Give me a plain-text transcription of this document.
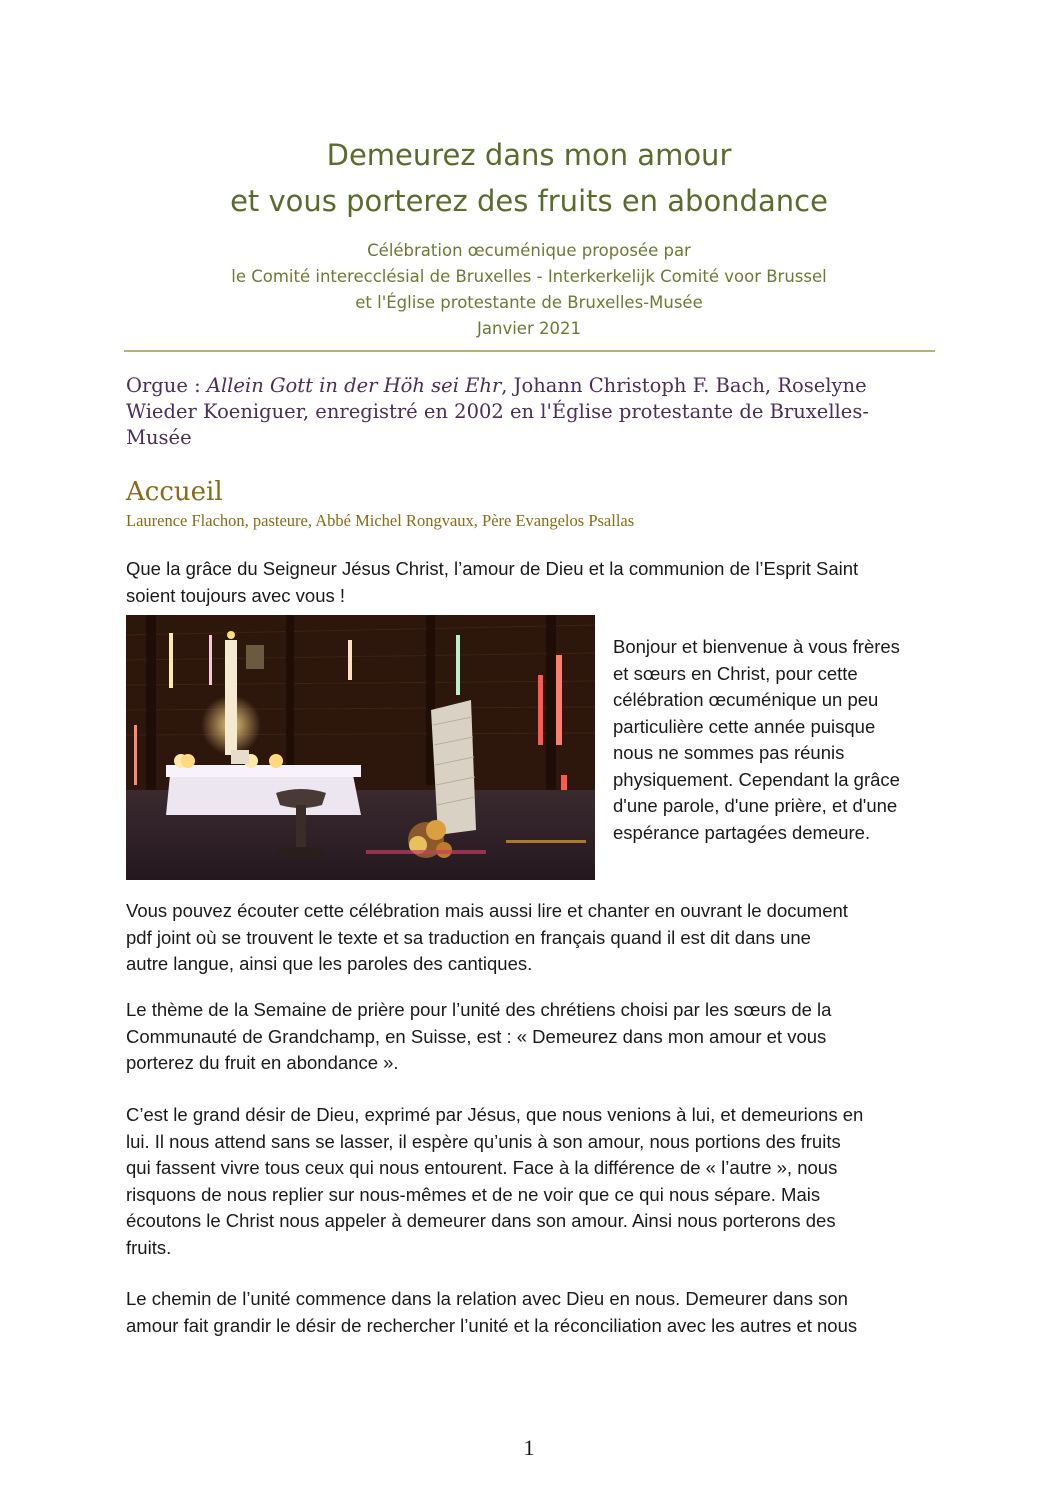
Demeurez dans mon amour
et vous porterez des fruits en abondance
Célébration œcuménique proposée par
le Comité interecclésial de Bruxelles - Interkerkelijk Comité voor Brussel
et l'Église protestante de Bruxelles-Musée
Janvier 2021
Orgue : Allein Gott in der Höh sei Ehr, Johann Christoph F. Bach, Roselyne
Wieder Koeniguer, enregistré en 2002 en l'Église protestante de Bruxelles-
Musée
Accueil
Laurence Flachon, pasteure, Abbé Michel Rongvaux, Père Evangelos Psallas
Que la grâce du Seigneur Jésus Christ, l’amour de Dieu et la communion de l’Esprit Saint
soient toujours avec vous !
Bonjour et bienvenue à vous frères
et sœurs en Christ, pour cette
célébration œcuménique un peu
particulière cette année puisque
nous ne sommes pas réunis
physiquement. Cependant la grâce
d'une parole, d'une prière, et d'une
espérance partagées demeure.
Vous pouvez écouter cette célébration mais aussi lire et chanter en ouvrant le document
pdf joint où se trouvent le texte et sa traduction en français quand il est dit dans une
autre langue, ainsi que les paroles des cantiques.
Le thème de la Semaine de prière pour l’unité des chrétiens choisi par les sœurs de la
Communauté de Grandchamp, en Suisse, est : « Demeurez dans mon amour et vous
porterez du fruit en abondance ».
C’est le grand désir de Dieu, exprimé par Jésus, que nous venions à lui, et demeurions en
lui. Il nous attend sans se lasser, il espère qu’unis à son amour, nous portions des fruits
qui fassent vivre tous ceux qui nous entourent. Face à la différence de « l’autre », nous
risquons de nous replier sur nous-mêmes et de ne voir que ce qui nous sépare. Mais
écoutons le Christ nous appeler à demeurer dans son amour. Ainsi nous porterons des
fruits.
Le chemin de l’unité commence dans la relation avec Dieu en nous. Demeurer dans son
amour fait grandir le désir de rechercher l’unité et la réconciliation avec les autres et nous
1
